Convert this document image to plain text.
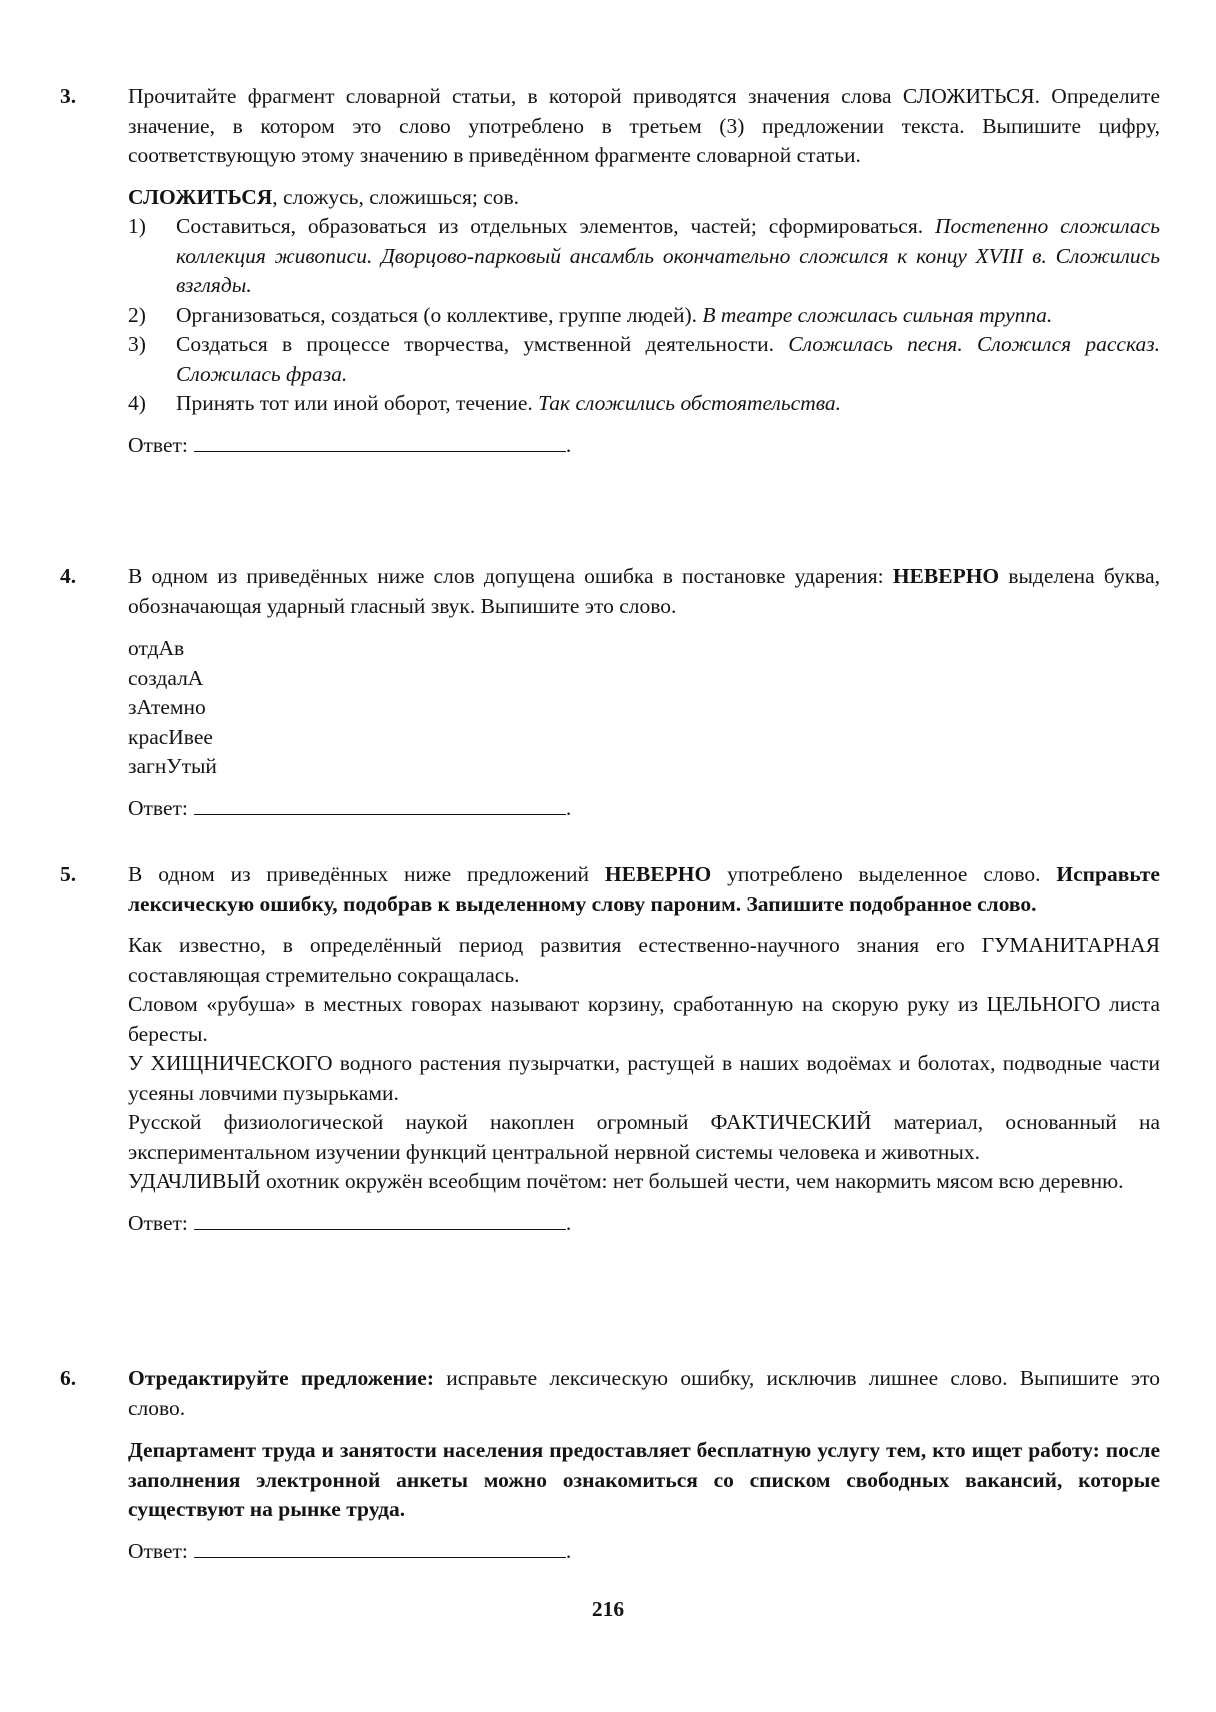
3.	Прочитайте фрагмент словарной статьи, в которой приводятся значения слова СЛОЖИТЬСЯ. Определите значение, в котором это слово употреблено в третьем (3) предложении текста. Выпишите цифру, соответствующую этому значению в приведённом фрагменте словарной статьи.

СЛОЖИТЬСЯ, сложусь, сложишься; сов.

1) Составиться, образоваться из отдельных элементов, частей; сформироваться. Постепенно сложилась коллекция живописи. Дворцово-парковый ансамбль окончательно сложился к концу XVIII в. Сложились взгляды.
2) Организоваться, создаться (о коллективе, группе людей). В театре сложилась сильная труппа.
3) Создаться в процессе творчества, умственной деятельности. Сложилась песня. Сложился рассказ. Сложилась фраза.
4) Принять тот или иной оборот, течение. Так сложились обстоятельства.
Ответ:	.
4.	В одном из приведённых ниже слов допущена ошибка в постановке ударения: НЕВЕРНО выделена буква, обозначающая ударный гласный звук. Выпишите это слово.

отдАв
создалА
зАтемно
красИвее
загнУтый
Ответ:	.
5.	В одном из приведённых ниже предложений НЕВЕРНО употреблено выделенное слово. Исправьте лексическую ошибку, подобрав к выделенному слову пароним. Запишите подобранное слово.

Как известно, в определённый период развития естественно-научного знания его ГУМАНИТАРНАЯ составляющая стремительно сокращалась.

Словом «рубуша» в местных говорах называют корзину, сработанную на скорую руку из ЦЕЛЬНОГО листа бересты.

У ХИЩНИЧЕСКОГО водного растения пузырчатки, растущей в наших водоёмах и болотах, подводные части усеяны ловчими пузырьками.

Русской физиологической наукой накоплен огромный ФАКТИЧЕСКИЙ материал, основанный на экспериментальном изучении функций центральной нервной системы человека и животных.

УДАЧЛИВЫЙ охотник окружён всеобщим почётом: нет большей чести, чем накормить мясом всю деревню.

Ответ:	.
6.	Отредактируйте предложение: исправьте лексическую ошибку, исключив лишнее слово. Выпишите это слово.

Департамент труда и занятости населения предоставляет бесплатную услугу тем, кто ищет работу: после заполнения электронной анкеты можно ознакомиться со списком свободных вакансий, которые существуют на рынке труда.

Ответ:	.
216
